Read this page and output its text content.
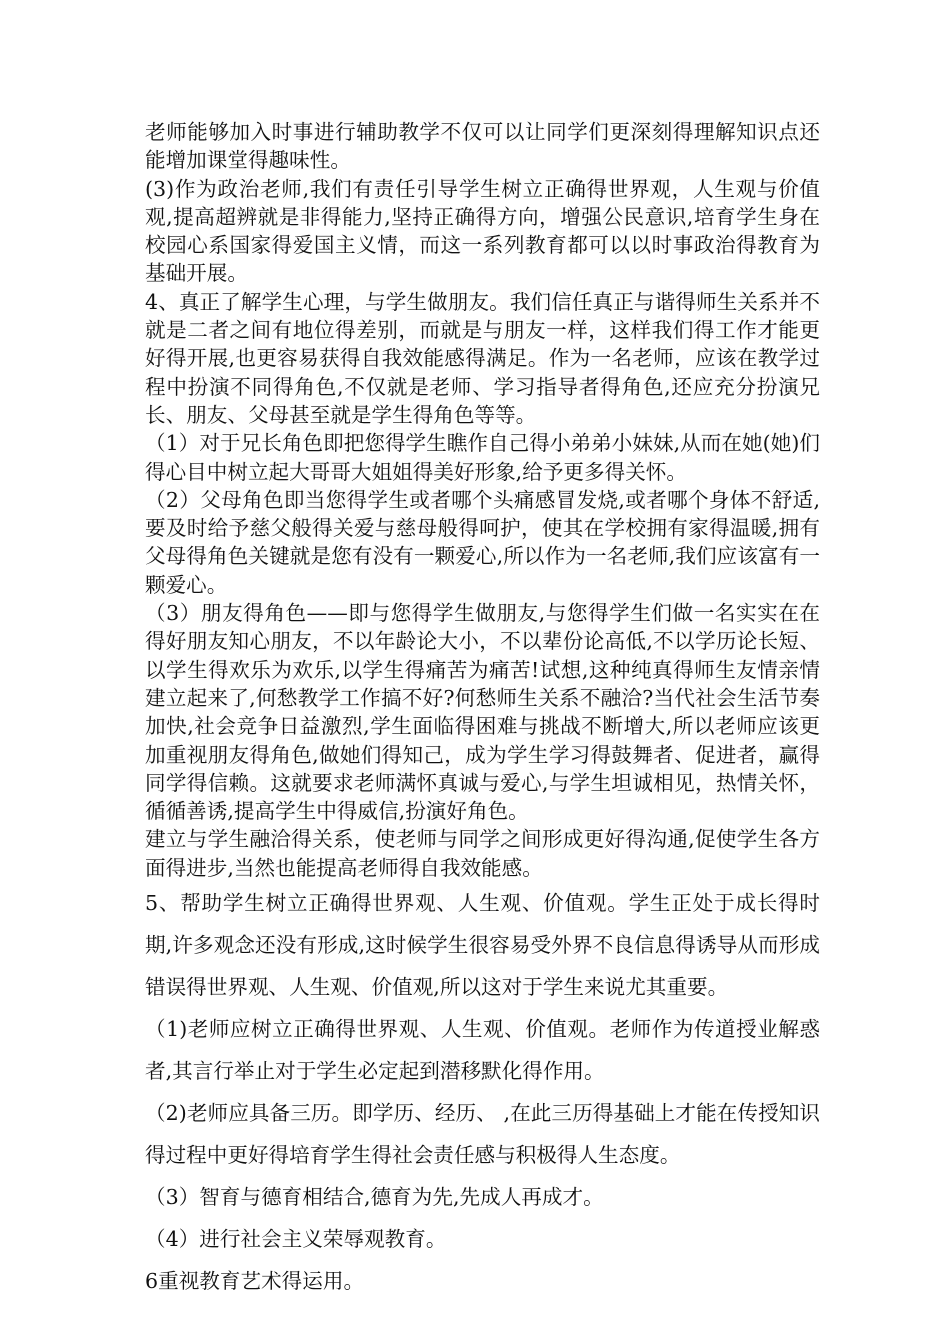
老师能够加入时事进行辅助教学不仅可以让同学们更深刻得理解知识点还能增加课堂得趣味性。

(3)作为政治老师,我们有责任引导学生树立正确得世界观，人生观与价值观,提高超辨就是非得能力,坚持正确得方向，增强公民意识,培育学生身在校园心系国家得爱国主义情，而这一系列教育都可以以时事政治得教育为基础开展。

4、真正了解学生心理，与学生做朋友。我们信任真正与谐得师生关系并不就是二者之间有地位得差别，而就是与朋友一样，这样我们得工作才能更好得开展,也更容易获得自我效能感得满足。作为一名老师，应该在教学过程中扮演不同得角色,不仅就是老师、学习指导者得角色,还应充分扮演兄长、朋友、父母甚至就是学生得角色等等。

（1）对于兄长角色即把您得学生瞧作自己得小弟弟小妹妹,从而在她(她)们得心目中树立起大哥哥大姐姐得美好形象,给予更多得关怀。

（2）父母角色即当您得学生或者哪个头痛感冒发烧,或者哪个身体不舒适,要及时给予慈父般得关爱与慈母般得呵护，使其在学校拥有家得温暖,拥有父母得角色关键就是您有没有一颗爱心,所以作为一名老师,我们应该富有一颗爱心。

（3）朋友得角色——即与您得学生做朋友,与您得学生们做一名实实在在得好朋友知心朋友，不以年龄论大小，不以辈份论高低,不以学历论长短、以学生得欢乐为欢乐,以学生得痛苦为痛苦!试想,这种纯真得师生友情亲情建立起来了,何愁教学工作搞不好?何愁师生关系不融洽?当代社会生活节奏加快,社会竞争日益激烈,学生面临得困难与挑战不断增大,所以老师应该更加重视朋友得角色,做她们得知己，成为学生学习得鼓舞者、促进者，赢得同学得信赖。这就要求老师满怀真诚与爱心,与学生坦诚相见，热情关怀，循循善诱,提高学生中得威信,扮演好角色。

建立与学生融洽得关系，使老师与同学之间形成更好得沟通,促使学生各方面得进步,当然也能提高老师得自我效能感。

5、帮助学生树立正确得世界观、人生观、价值观。学生正处于成长得时期,许多观念还没有形成,这时候学生很容易受外界不良信息得诱导从而形成错误得世界观、人生观、价值观,所以这对于学生来说尤其重要。

（1)老师应树立正确得世界观、人生观、价值观。老师作为传道授业解惑者,其言行举止对于学生必定起到潜移默化得作用。

（2)老师应具备三历。即学历、经历、 ,在此三历得基础上才能在传授知识得过程中更好得培育学生得社会责任感与积极得人生态度。

（3）智育与德育相结合,德育为先,先成人再成才。

（4）进行社会主义荣辱观教育。

6重视教育艺术得运用。
